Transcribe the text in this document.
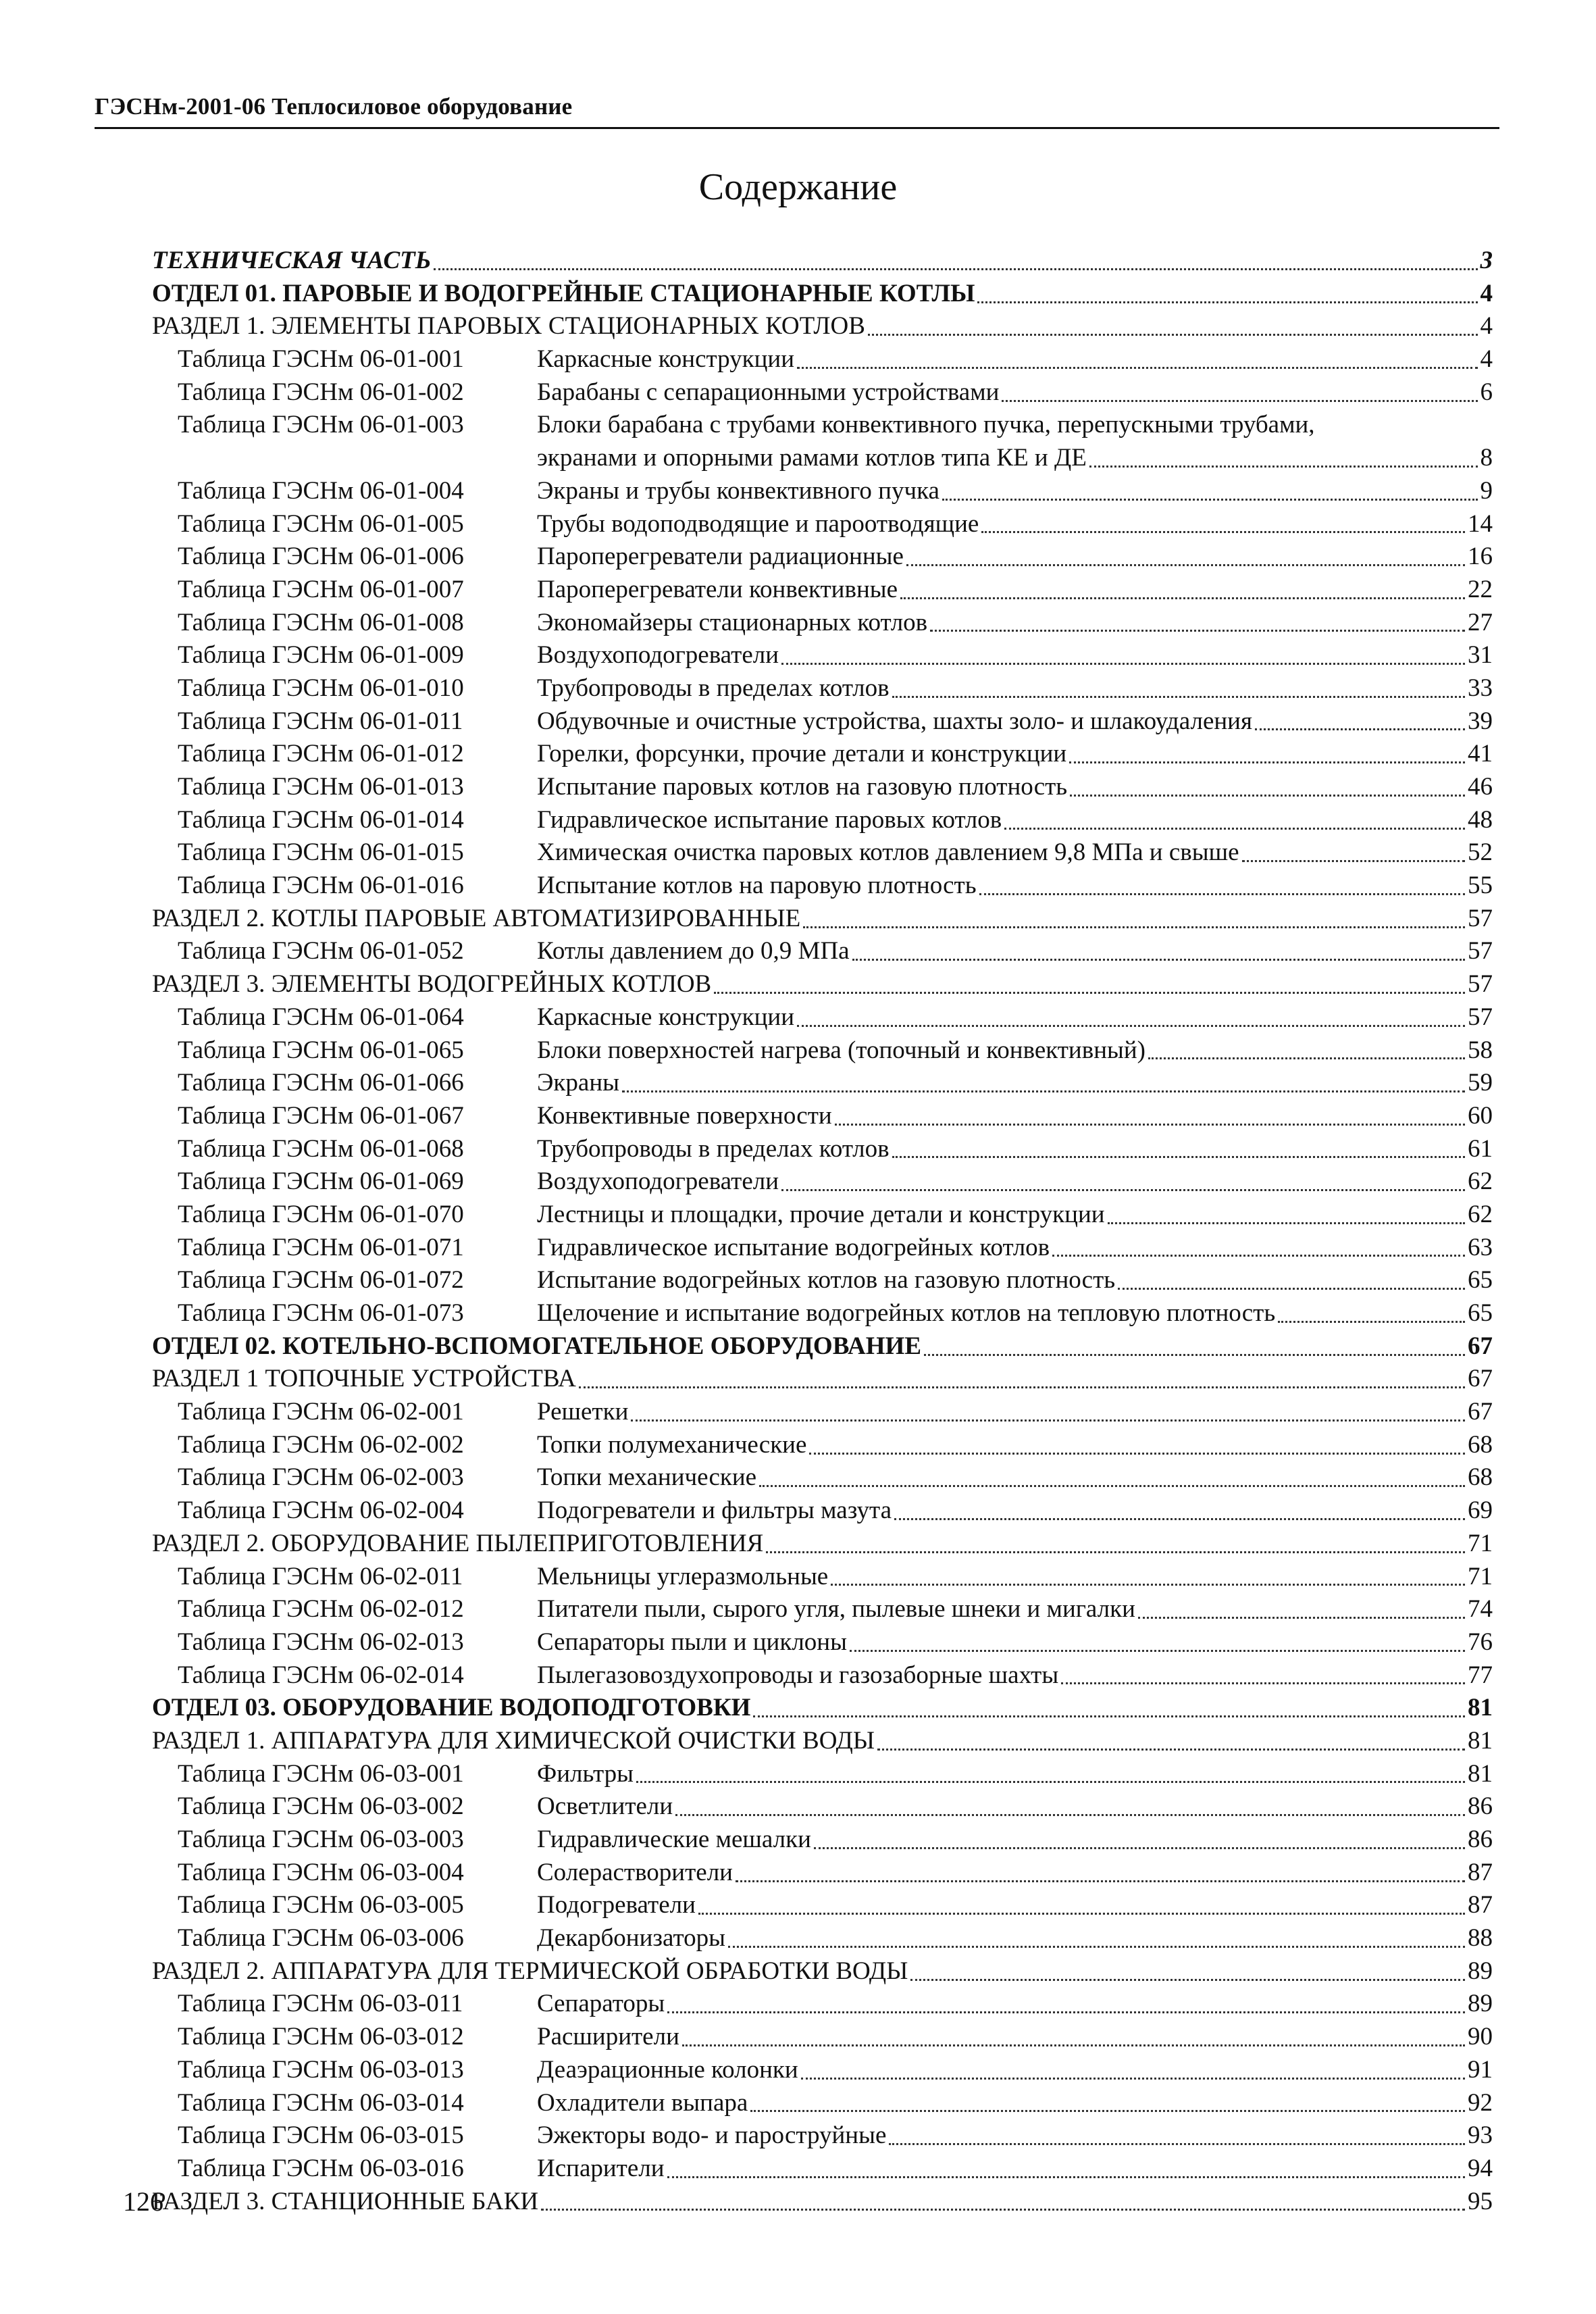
ГЭСНм-2001-06 Теплосиловое оборудование
Содержание
ТЕХНИЧЕСКАЯ ЧАСТЬ	3
ОТДЕЛ 01. ПАРОВЫЕ И ВОДОГРЕЙНЫЕ СТАЦИОНАРНЫЕ КОТЛЫ	4
РАЗДЕЛ 1. ЭЛЕМЕНТЫ ПАРОВЫХ СТАЦИОНАРНЫХ КОТЛОВ	4
Таблица ГЭСНм 06-01-001	Каркасные конструкции	4
Таблица ГЭСНм 06-01-002	Барабаны с сепарационными устройствами	6
Таблица ГЭСНм 06-01-003	Блоки барабана с трубами конвективного пучка, перепускными трубами,
экранами и опорными рамами котлов типа КЕ и ДЕ	8
Таблица ГЭСНм 06-01-004	Экраны и трубы конвективного пучка	9
Таблица ГЭСНм 06-01-005	Трубы водоподводящие и пароотводящие	14
Таблица ГЭСНм 06-01-006	Пароперегреватели радиационные	16
Таблица ГЭСНм 06-01-007	Пароперегреватели конвективные	22
Таблица ГЭСНм 06-01-008	Экономайзеры стационарных котлов	27
Таблица ГЭСНм 06-01-009	Воздухоподогреватели	31
Таблица ГЭСНм 06-01-010	Трубопроводы в пределах котлов	33
Таблица ГЭСНм 06-01-011	Обдувочные и очистные устройства, шахты золо- и шлакоудаления	39
Таблица ГЭСНм 06-01-012	Горелки, форсунки, прочие детали и конструкции	41
Таблица ГЭСНм 06-01-013	Испытание паровых котлов на газовую плотность	46
Таблица ГЭСНм 06-01-014	Гидравлическое испытание паровых котлов	48
Таблица ГЭСНм 06-01-015	Химическая очистка паровых котлов давлением 9,8 МПа и свыше	52
Таблица ГЭСНм 06-01-016	Испытание котлов на паровую плотность	55
РАЗДЕЛ 2. КОТЛЫ ПАРОВЫЕ АВТОМАТИЗИРОВАННЫЕ	57
Таблица ГЭСНм 06-01-052	Котлы давлением до 0,9 МПа	57
РАЗДЕЛ 3. ЭЛЕМЕНТЫ ВОДОГРЕЙНЫХ КОТЛОВ	57
Таблица ГЭСНм 06-01-064	Каркасные конструкции	57
Таблица ГЭСНм 06-01-065	Блоки поверхностей нагрева (топочный и конвективный)	58
Таблица ГЭСНм 06-01-066	Экраны	59
Таблица ГЭСНм 06-01-067	Конвективные поверхности	60
Таблица ГЭСНм 06-01-068	Трубопроводы в пределах котлов	61
Таблица ГЭСНм 06-01-069	Воздухоподогреватели	62
Таблица ГЭСНм 06-01-070	Лестницы и площадки, прочие детали и конструкции	62
Таблица ГЭСНм 06-01-071	Гидравлическое испытание водогрейных котлов	63
Таблица ГЭСНм 06-01-072	Испытание водогрейных котлов на газовую плотность	65
Таблица ГЭСНм 06-01-073	Щелочение и испытание водогрейных котлов на тепловую плотность	65
ОТДЕЛ 02. КОТЕЛЬНО-ВСПОМОГАТЕЛЬНОЕ ОБОРУДОВАНИЕ	67
РАЗДЕЛ 1 ТОПОЧНЫЕ УСТРОЙСТВА	67
Таблица ГЭСНм 06-02-001	Решетки	67
Таблица ГЭСНм 06-02-002	Топки полумеханические	68
Таблица ГЭСНм 06-02-003	Топки механические	68
Таблица ГЭСНм 06-02-004	Подогреватели и фильтры мазута	69
РАЗДЕЛ 2. ОБОРУДОВАНИЕ ПЫЛЕПРИГОТОВЛЕНИЯ	71
Таблица ГЭСНм 06-02-011	Мельницы углеразмольные	71
Таблица ГЭСНм 06-02-012	Питатели пыли, сырого угля, пылевые шнеки и мигалки	74
Таблица ГЭСНм 06-02-013	Сепараторы пыли и циклоны	76
Таблица ГЭСНм 06-02-014	Пылегазовоздухопроводы и газозаборные шахты	77
ОТДЕЛ 03. ОБОРУДОВАНИЕ ВОДОПОДГОТОВКИ	81
РАЗДЕЛ 1. АППАРАТУРА ДЛЯ ХИМИЧЕСКОЙ ОЧИСТКИ ВОДЫ	81
Таблица ГЭСНм 06-03-001	Фильтры	81
Таблица ГЭСНм 06-03-002	Осветлители	86
Таблица ГЭСНм 06-03-003	Гидравлические мешалки	86
Таблица ГЭСНм 06-03-004	Солерастворители	87
Таблица ГЭСНм 06-03-005	Подогреватели	87
Таблица ГЭСНм 06-03-006	Декарбонизаторы	88
РАЗДЕЛ 2. АППАРАТУРА ДЛЯ ТЕРМИЧЕСКОЙ ОБРАБОТКИ ВОДЫ	89
Таблица ГЭСНм 06-03-011	Сепараторы	89
Таблица ГЭСНм 06-03-012	Расширители	90
Таблица ГЭСНм 06-03-013	Деаэрационные колонки	91
Таблица ГЭСНм 06-03-014	Охладители выпара	92
Таблица ГЭСНм 06-03-015	Эжекторы водо- и пароструйные	93
Таблица ГЭСНм 06-03-016	Испарители	94
РАЗДЕЛ 3. СТАНЦИОННЫЕ БАКИ	95
126
